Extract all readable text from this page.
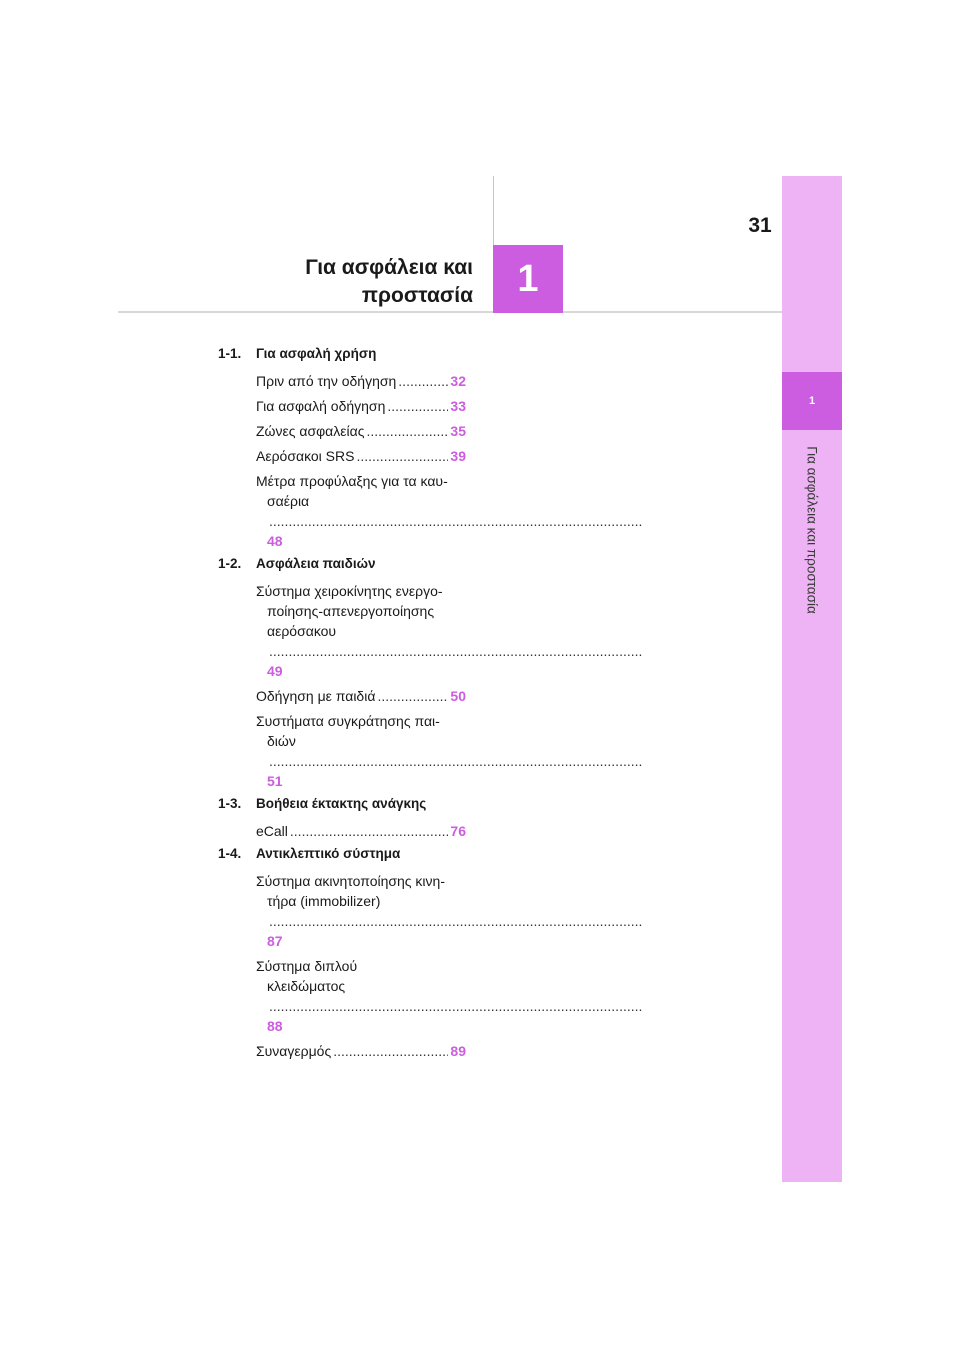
31
1
Για ασφάλεια και προστασία
1
Για ασφάλεια και
προστασία
1-1. Για ασφαλή χρήση
Πριν από την οδήγηση .....	32
Για ασφαλή οδήγηση .....	33
Ζώνες ασφαλείας .....	35
Αερόσακοι SRS .....	39
Μέτρα προφύλαξης για τα καυ-
σαέρια ..... 48
1-2. Ασφάλεια παιδιών
Σύστημα χειροκίνητης ενεργο-
ποίησης-απενεργοποίησης
αερόσακου ..... 49
Οδήγηση με παιδιά .....	50
Συστήματα συγκράτησης παι-
διών ..... 51
1-3. Βοήθεια έκτακτης ανάγκης
eCall .....	76
1-4. Αντικλεπτικό σύστημα
Σύστημα ακινητοποίησης κινη-
τήρα (immobilizer) ..... 87
Σύστημα διπλού
κλειδώματος ..... 88
Συναγερμός .....	89
